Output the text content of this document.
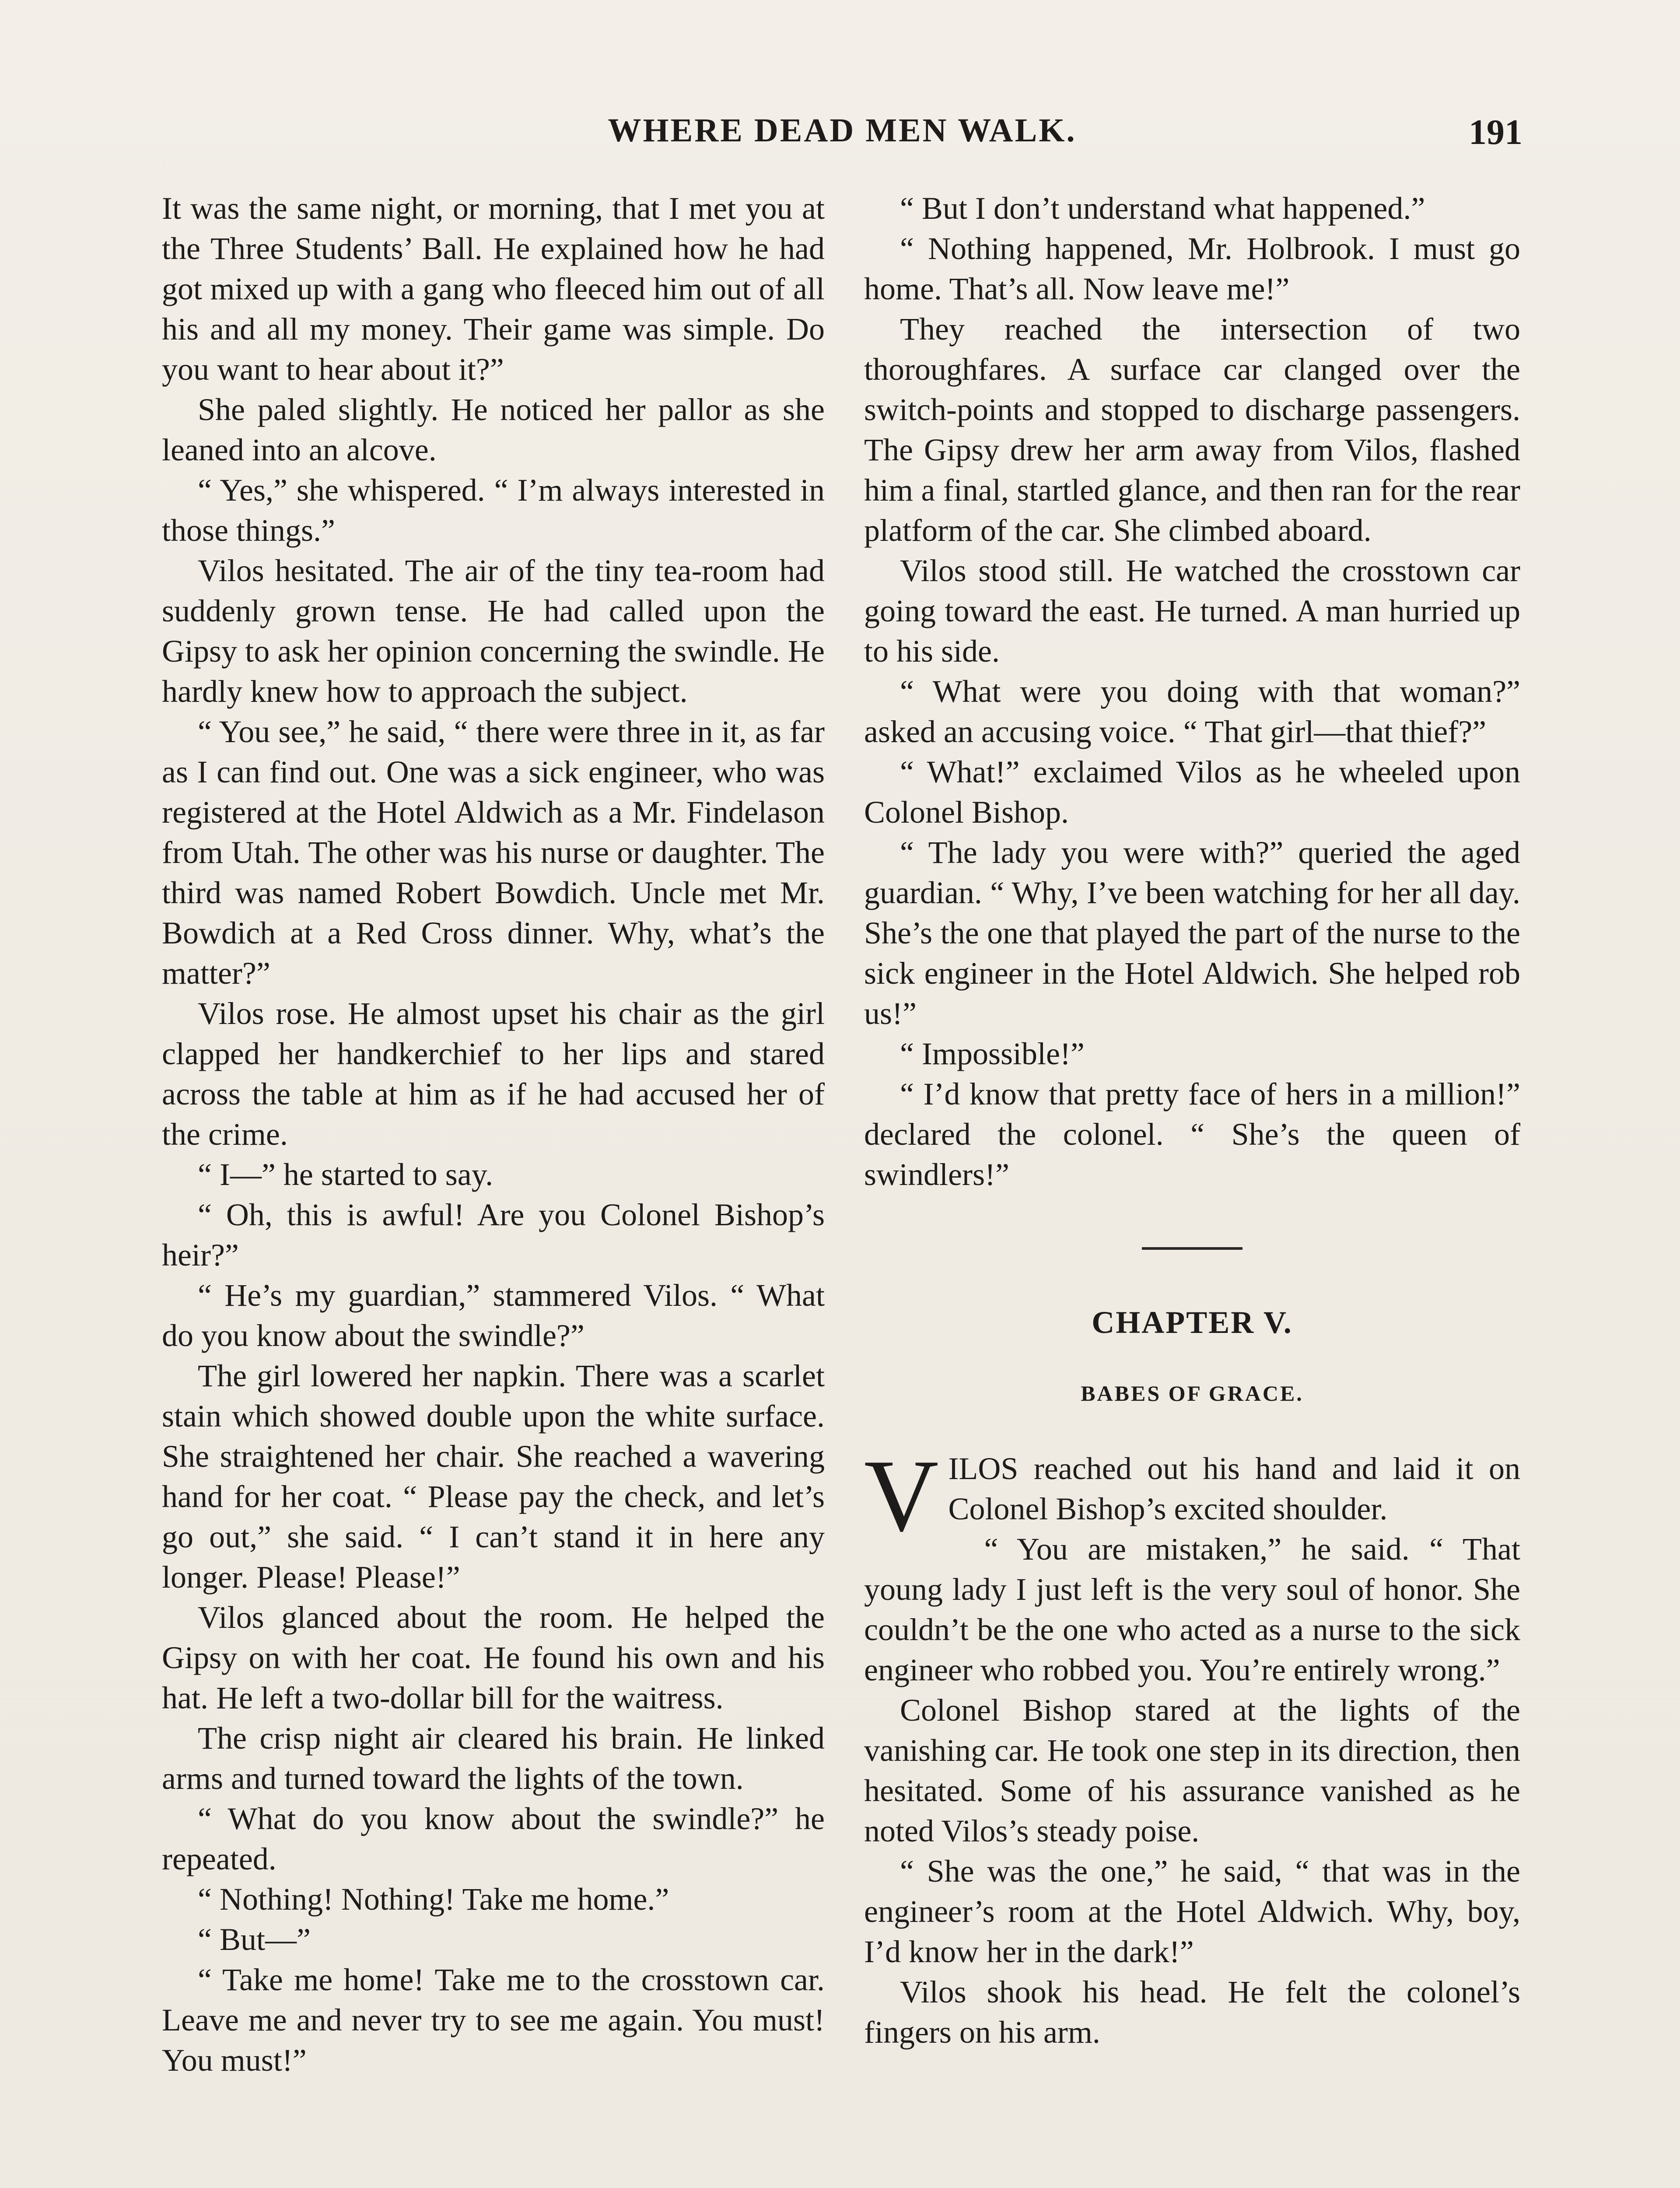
WHERE DEAD MEN WALK.	191

It was the same night, or morning, that I met you at the Three Students’ Ball. He explained how he had got mixed up with a gang who fleeced him out of all his and all my money. Their game was simple. Do you want to hear about it?”

She paled slightly. He noticed her pallor as she leaned into an alcove.

“ Yes,” she whispered. “ I’m always interested in those things.”

Vilos hesitated. The air of the tiny tea-room had suddenly grown tense. He had called upon the Gipsy to ask her opinion concerning the swindle. He hardly knew how to approach the subject.

“ You see,” he said, “ there were three in it, as far as I can find out. One was a sick engineer, who was registered at the Hotel Aldwich as a Mr. Findelason from Utah. The other was his nurse or daughter. The third was named Robert Bowdich. Uncle met Mr. Bowdich at a Red Cross dinner. Why, what’s the matter?”

Vilos rose. He almost upset his chair as the girl clapped her handkerchief to her lips and stared across the table at him as if he had accused her of the crime.

“ I—” he started to say.

“ Oh, this is awful! Are you Colonel Bishop’s heir?”

“ He’s my guardian,” stammered Vilos. “ What do you know about the swindle?”

The girl lowered her napkin. There was a scarlet stain which showed double upon the white surface. She straightened her chair. She reached a wavering hand for her coat. “ Please pay the check, and let’s go out,” she said. “ I can’t stand it in here any longer. Please! Please!”

Vilos glanced about the room. He helped the Gipsy on with her coat. He found his own and his hat. He left a two-dollar bill for the waitress.

The crisp night air cleared his brain. He linked arms and turned toward the lights of the town.

“ What do you know about the swindle?” he repeated.

“ Nothing! Nothing! Take me home.”

“ But—”

“ Take me home! Take me to the crosstown car. Leave me and never try to see me again. You must! You must!”

“ But I don’t understand what happened.”

“ Nothing happened, Mr. Holbrook. I must go home. That’s all. Now leave me!”

They reached the intersection of two thoroughfares. A surface car clanged over the switch-points and stopped to discharge passengers. The Gipsy drew her arm away from Vilos, flashed him a final, startled glance, and then ran for the rear platform of the car. She climbed aboard.

Vilos stood still. He watched the crosstown car going toward the east. He turned. A man hurried up to his side.

“ What were you doing with that woman?” asked an accusing voice. “ That girl—that thief?”

“ What!” exclaimed Vilos as he wheeled upon Colonel Bishop.

“ The lady you were with?” queried the aged guardian. “ Why, I’ve been watching for her all day. She’s the one that played the part of the nurse to the sick engineer in the Hotel Aldwich. She helped rob us!”

“ Impossible!”

“ I’d know that pretty face of hers in a million!” declared the colonel. “ She’s the queen of swindlers!”

CHAPTER V.
BABES OF GRACE.

VILOS reached out his hand and laid it on Colonel Bishop’s excited shoulder.

“ You are mistaken,” he said. “ That young lady I just left is the very soul of honor. She couldn’t be the one who acted as a nurse to the sick engineer who robbed you. You’re entirely wrong.”

Colonel Bishop stared at the lights of the vanishing car. He took one step in its direction, then hesitated. Some of his assurance vanished as he noted Vilos’s steady poise.

“ She was the one,” he said, “ that was in the engineer’s room at the Hotel Aldwich. Why, boy, I’d know her in the dark!”

Vilos shook his head. He felt the colonel’s fingers on his arm.
